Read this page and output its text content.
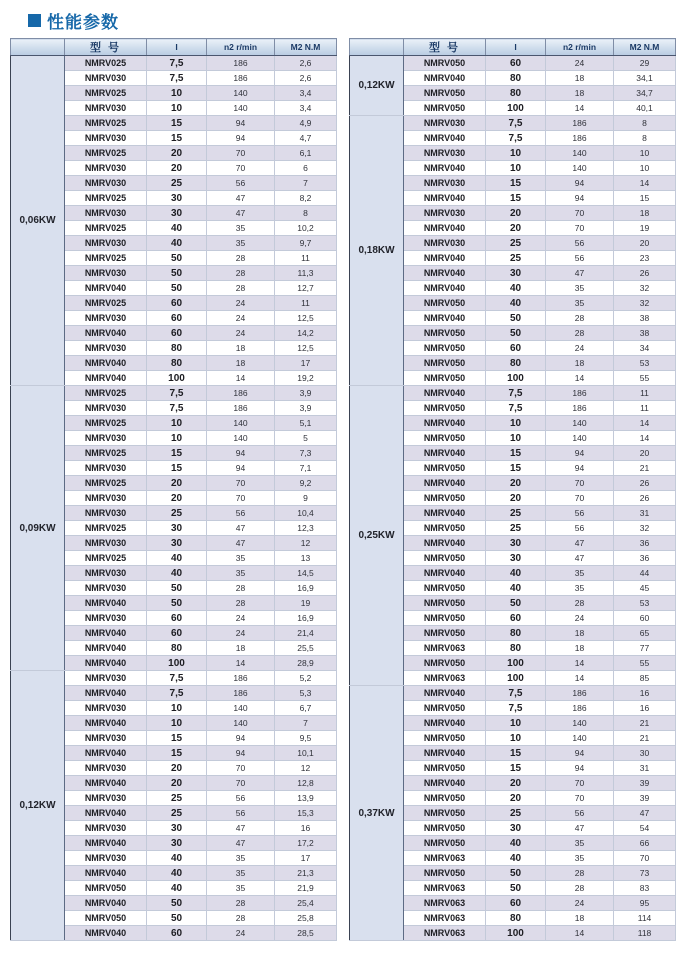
性能参数
	型 号	I	n2 r/min	M2 N.M
0,06KW	NMRV025	7,5	186	2,6
	NMRV030	7,5	186	2,6
	NMRV025	10	140	3,4
	NMRV030	10	140	3,4
	NMRV025	15	94	4,9
	NMRV030	15	94	4,7
	NMRV025	20	70	6,1
	NMRV030	20	70	6
	NMRV030	25	56	7
	NMRV025	30	47	8,2
	NMRV030	30	47	8
	NMRV025	40	35	10,2
	NMRV030	40	35	9,7
	NMRV025	50	28	11
	NMRV030	50	28	11,3
	NMRV040	50	28	12,7
	NMRV025	60	24	11
	NMRV030	60	24	12,5
	NMRV040	60	24	14,2
	NMRV030	80	18	12,5
	NMRV040	80	18	17
	NMRV040	100	14	19,2
0,09KW	NMRV025	7,5	186	3,9
	NMRV030	7,5	186	3,9
	NMRV025	10	140	5,1
	NMRV030	10	140	5
	NMRV025	15	94	7,3
	NMRV030	15	94	7,1
	NMRV025	20	70	9,2
	NMRV030	20	70	9
	NMRV030	25	56	10,4
	NMRV025	30	47	12,3
	NMRV030	30	47	12
	NMRV025	40	35	13
	NMRV030	40	35	14,5
	NMRV030	50	28	16,9
	NMRV040	50	28	19
	NMRV030	60	24	16,9
	NMRV040	60	24	21,4
	NMRV040	80	18	25,5
	NMRV040	100	14	28,9
0,12KW	NMRV030	7,5	186	5,2
	NMRV040	7,5	186	5,3
	NMRV030	10	140	6,7
	NMRV040	10	140	7
	NMRV030	15	94	9,5
	NMRV040	15	94	10,1
	NMRV030	20	70	12
	NMRV040	20	70	12,8
	NMRV030	25	56	13,9
	NMRV040	25	56	15,3
	NMRV030	30	47	16
	NMRV040	30	47	17,2
	NMRV030	40	35	17
	NMRV040	40	35	21,3
	NMRV050	40	35	21,9
	NMRV040	50	28	25,4
	NMRV050	50	28	25,8
	NMRV040	60	24	28,5
	型 号	I	n2 r/min	M2 N.M
0,12KW	NMRV050	60	24	29
	NMRV040	80	18	34,1
	NMRV050	80	18	34,7
	NMRV050	100	14	40,1
0,18KW	NMRV030	7,5	186	8
	NMRV040	7,5	186	8
	NMRV030	10	140	10
	NMRV040	10	140	10
	NMRV030	15	94	14
	NMRV040	15	94	15
	NMRV030	20	70	18
	NMRV040	20	70	19
	NMRV030	25	56	20
	NMRV040	25	56	23
	NMRV040	30	47	26
	NMRV040	40	35	32
	NMRV050	40	35	32
	NMRV040	50	28	38
	NMRV050	50	28	38
	NMRV050	60	24	34
	NMRV050	80	18	53
	NMRV050	100	14	55
0,25KW	NMRV040	7,5	186	11
	NMRV050	7,5	186	11
	NMRV040	10	140	14
	NMRV050	10	140	14
	NMRV040	15	94	20
	NMRV050	15	94	21
	NMRV040	20	70	26
	NMRV050	20	70	26
	NMRV040	25	56	31
	NMRV050	25	56	32
	NMRV040	30	47	36
	NMRV050	30	47	36
	NMRV040	40	35	44
	NMRV050	40	35	45
	NMRV050	50	28	53
	NMRV050	60	24	60
	NMRV050	80	18	65
	NMRV063	80	18	77
	NMRV050	100	14	55
	NMRV063	100	14	85
0,37KW	NMRV040	7,5	186	16
	NMRV050	7,5	186	16
	NMRV040	10	140	21
	NMRV050	10	140	21
	NMRV040	15	94	30
	NMRV050	15	94	31
	NMRV040	20	70	39
	NMRV050	20	70	39
	NMRV050	25	56	47
	NMRV050	30	47	54
	NMRV050	40	35	66
	NMRV063	40	35	70
	NMRV050	50	28	73
	NMRV063	50	28	83
	NMRV063	60	24	95
	NMRV063	80	18	114
	NMRV063	100	14	118
